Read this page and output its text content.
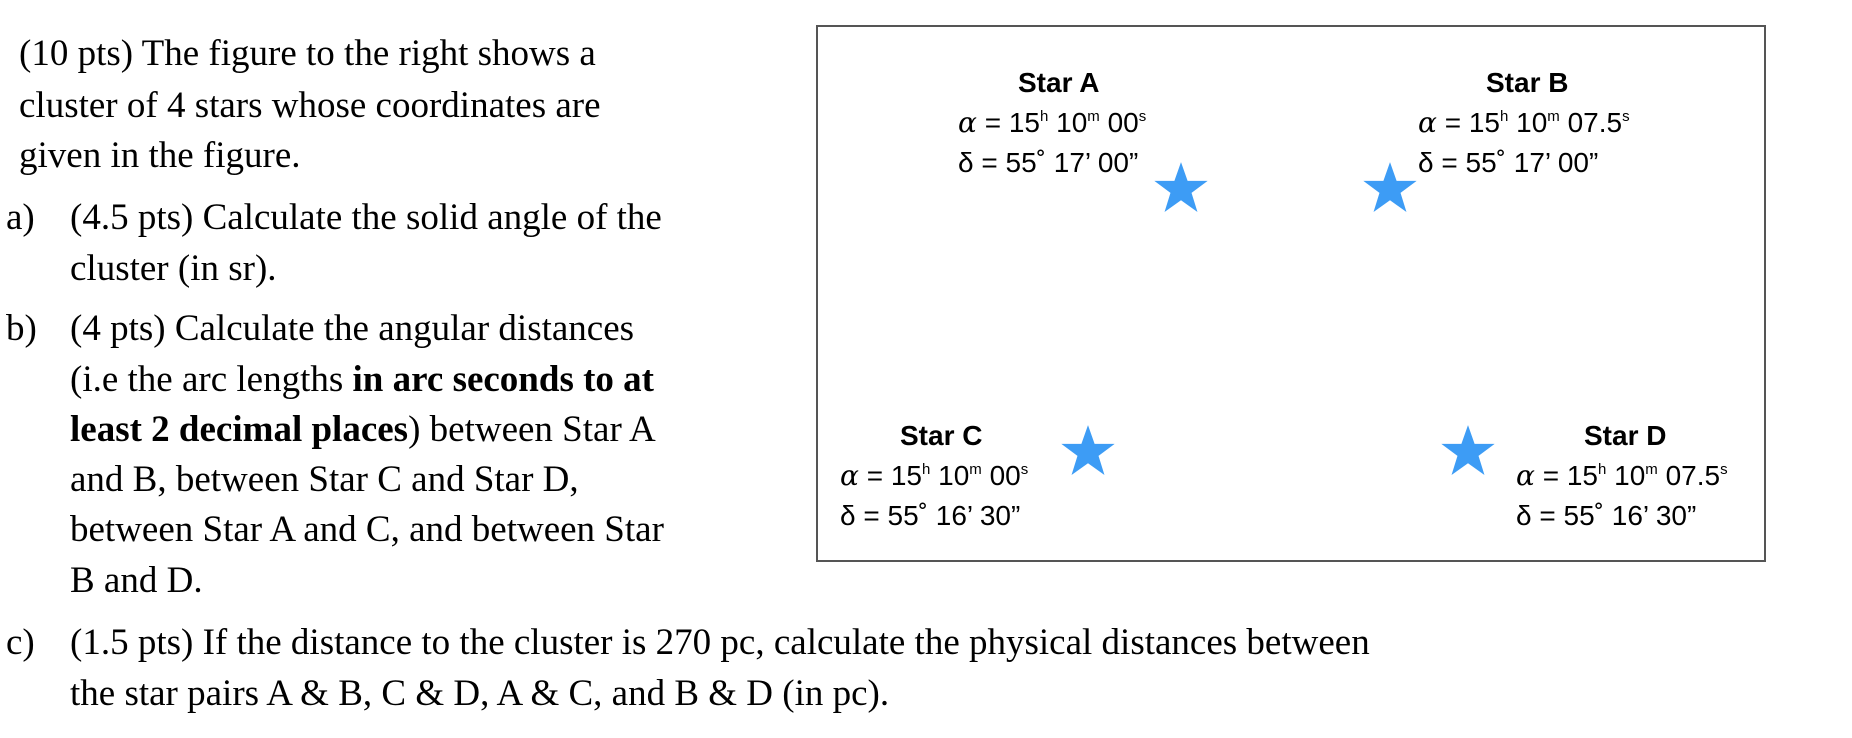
(10 pts) The figure to the right shows a
cluster of 4 stars whose coordinates are
given in the figure.
a) (4.5 pts) Calculate the solid angle of the
cluster (in sr).
b) (4 pts) Calculate the angular distances
(i.e the arc lengths in arc seconds to at
least 2 decimal places) between Star A
and B, between Star C and Star D,
between Star A and C, and between Star
B and D.
c) (1.5 pts) If the distance to the cluster is 270 pc, calculate the physical distances between
the star pairs A & B, C & D, A & C, and B & D (in pc).
Star A
$\alpha = 15^h$ 10$^m$ 00$^s$
δ = 55˚ 17’ 00”
Star B
$\alpha = 15^h$ 10$^m$ 07.5$^s$
δ = 55˚ 17’ 00”
Star C
$\alpha = 15^h$ 10$^m$ 00$^s$
δ = 55˚ 16’ 30”
Star D
$\alpha = 15^h$ 10$^m$ 07.5$^s$
δ = 55˚ 16’ 30”
